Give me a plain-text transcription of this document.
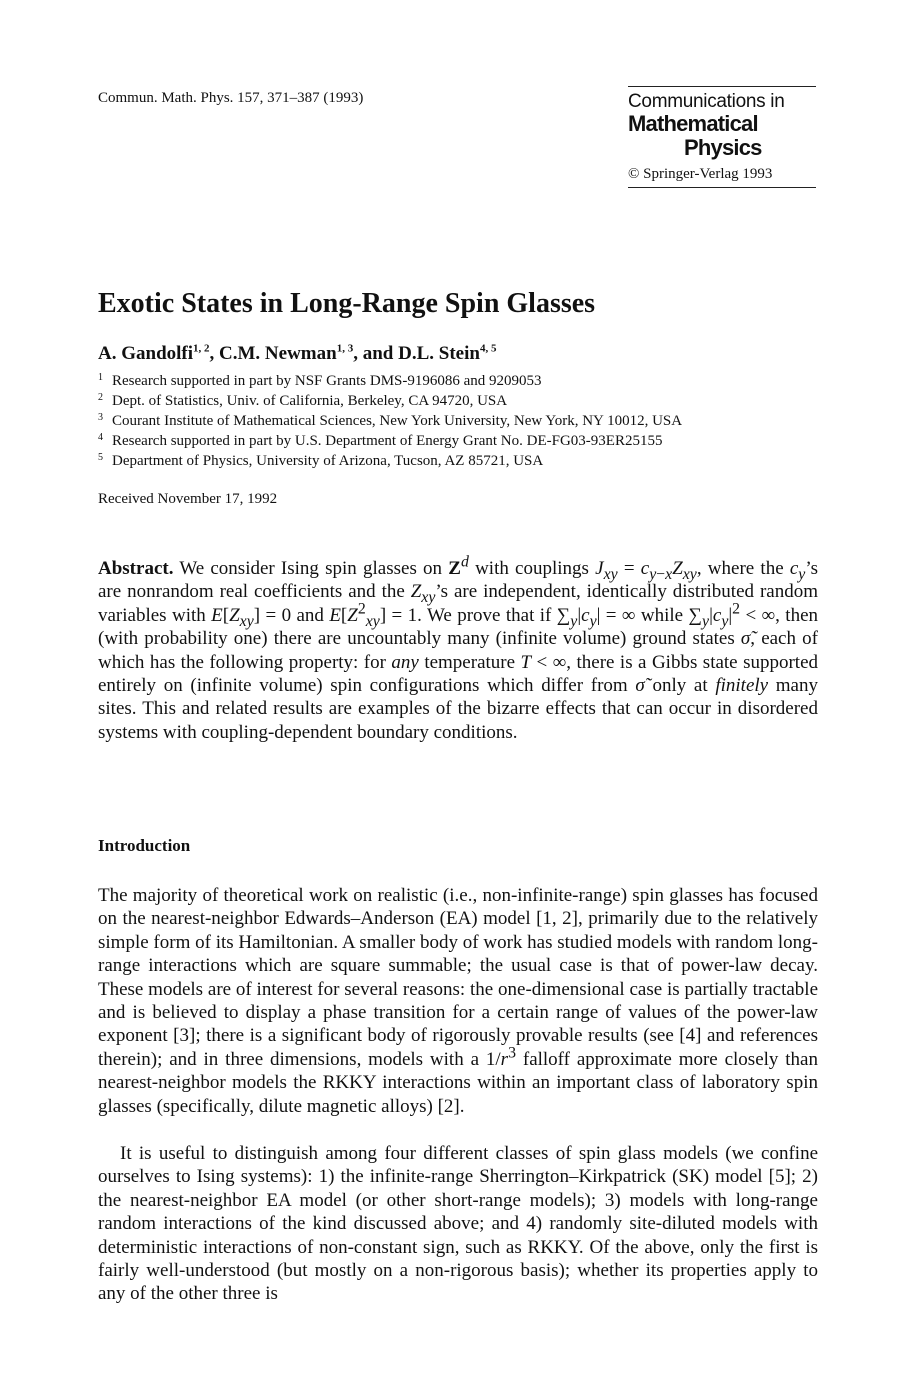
Commun. Math. Phys. 157, 371–387 (1993)	Communications in
Mathematical
Physics
© Springer-Verlag 1993
Exotic States in Long-Range Spin Glasses
A. Gandolfi$^{1, 2}$, C.M. Newman$^{1, 3}$, and D.L. Stein$^{4, 5}$
$^1$ Research supported in part by NSF Grants DMS-9196086 and 9209053
$^2$ Dept. of Statistics, Univ. of California, Berkeley, CA 94720, USA
$^3$ Courant Institute of Mathematical Sciences, New York University, New York, NY 10012, USA
$^4$ Research supported in part by U.S. Department of Energy Grant No. DE-FG03-93ER25155
$^5$ Department of Physics, University of Arizona, Tucson, AZ 85721, USA
Received November 17, 1992

Abstract. We consider Ising spin glasses on $Z^d$ with couplings $J_{xy} = c_{y-x}Z_{xy}$, where the $c_y’s$ are nonrandom real coefficients and the $Z_{xy}’s$ are independent, identically distributed random variables with $E[Z_{xy}] = 0$ and $E[Z^2_{xy}] = 1$. We prove that if $\sum_y|c_y|$ = ∞ while $\sum_y|c_y|^2$ < ∞, then (with probability one) there are uncountably many (infinite volume) ground states σ̃, each of which has the following property: for any temperature T < ∞, there is a Gibbs state supported entirely on (infinite volume) spin configurations which differ from σ̃ only at finitely many sites. This and related results are examples of the bizarre effects that can occur in disordered systems with coupling-dependent boundary conditions.

Introduction

The majority of theoretical work on realistic (i.e., non-infinite-range) spin glasses has focused on the nearest-neighbor Edwards–Anderson (EA) model [1, 2], primarily due to the relatively simple form of its Hamiltonian. A smaller body of work has studied models with random long-range interactions which are square summable; the usual case is that of power-law decay. These models are of interest for several reasons: the one-dimensional case is partially tractable and is believed to display a phase transition for a certain range of values of the power-law exponent [3]; there is a significant body of rigorously provable results (see [4] and references therein); and in three dimensions, models with a $1/r^3$ falloff approximate more closely than nearest-neighbor models the RKKY interactions within an important class of laboratory spin glasses (specifically, dilute magnetic alloys) [2].

It is useful to distinguish among four different classes of spin glass models (we confine ourselves to Ising systems): 1) the infinite-range Sherrington–Kirkpatrick (SK) model [5]; 2) the nearest-neighbor EA model (or other short-range models); 3) models with long-range random interactions of the kind discussed above; and 4) randomly site-diluted models with deterministic interactions of non-constant sign, such as RKKY. Of the above, only the first is fairly well-understood (but mostly on a non-rigorous basis); whether its properties apply to any of the other three is
